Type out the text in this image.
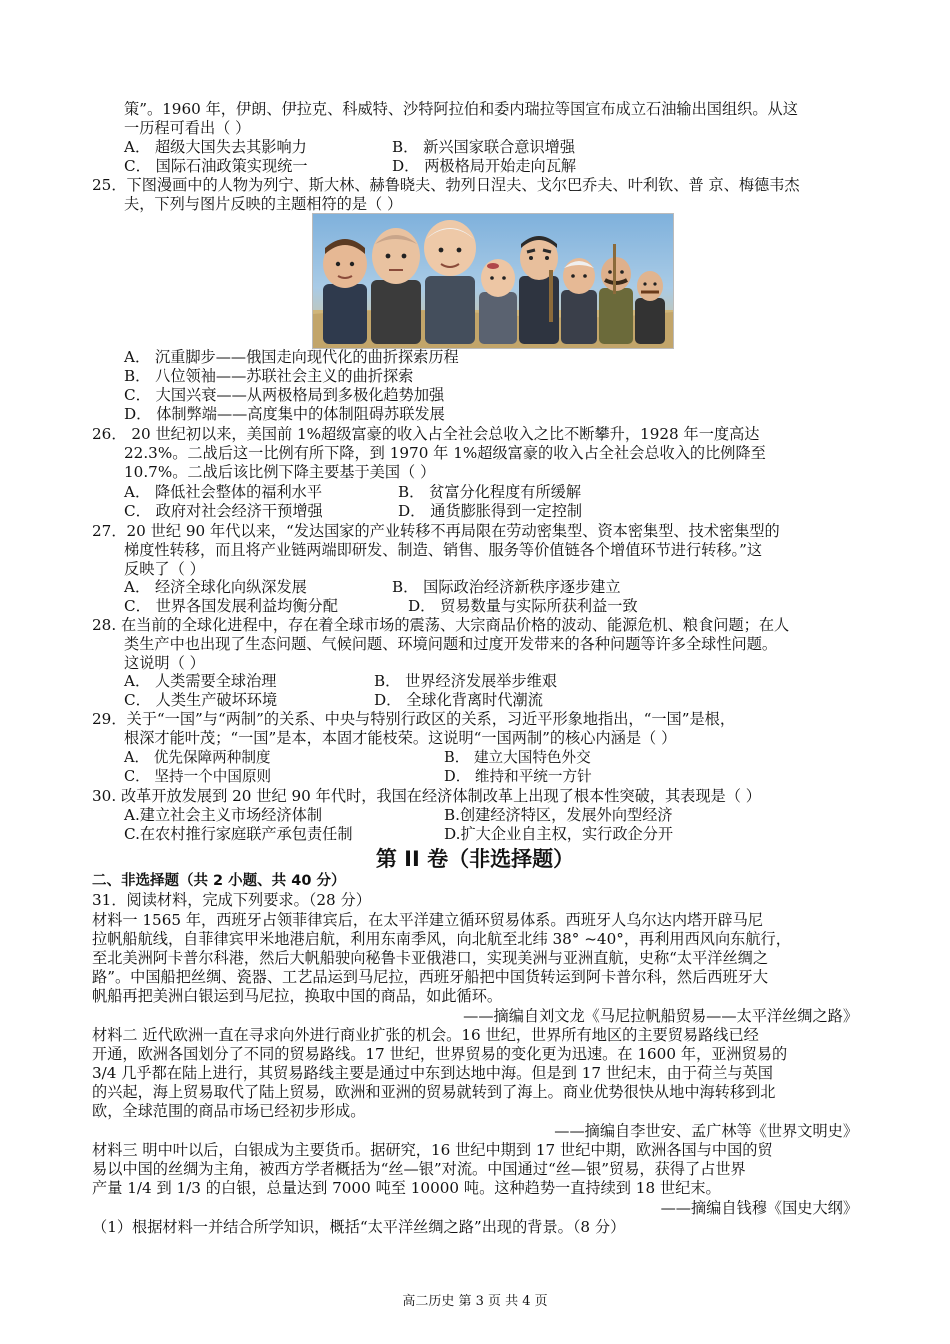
策”。1960 年，伊朗、伊拉克、科威特、沙特阿拉伯和委内瑞拉等国宣布成立石油输出国组织。从这
一历程可看出（ ）
A． 超级大国失去其影响力	B． 新兴国家联合意识增强
C． 国际石油政策实现统一	D． 两极格局开始走向瓦解
25．下图漫画中的人物为列宁、斯大林、赫鲁晓夫、勃列日涅夫、戈尔巴乔夫、叶利钦、普 京、梅德韦杰
夫，下列与图片反映的主题相符的是（ ）
A． 沉重脚步——俄国走向现代化的曲折探索历程
B． 八位领袖——苏联社会主义的曲折探索
C． 大国兴衰——从两极格局到多极化趋势加强
D． 体制弊端——高度集中的体制阻碍苏联发展
26． 20 世纪初以来，美国前 1%超级富豪的收入占全社会总收入之比不断攀升，1928 年一度高达
22.3%。二战后这一比例有所下降，到 1970 年 1%超级富豪的收入占全社会总收入的比例降至
10.7%。二战后该比例下降主要基于美国（ ）
A． 降低社会整体的福利水平	B． 贫富分化程度有所缓解
C． 政府对社会经济干预增强	D． 通货膨胀得到一定控制
27．20 世纪 90 年代以来，“发达国家的产业转移不再局限在劳动密集型、资本密集型、技术密集型的
梯度性转移，而且将产业链两端即研发、制造、销售、服务等价值链各个增值环节进行转移。”这
反映了（ ）
A． 经济全球化向纵深发展	B． 国际政治经济新秩序逐步建立
C． 世界各国发展利益均衡分配	D． 贸易数量与实际所获利益一致
28. 在当前的全球化进程中，存在着全球市场的震荡、大宗商品价格的波动、能源危机、粮食问题；在人
类生产中也出现了生态问题、气候问题、环境问题和过度开发带来的各种问题等许多全球性问题。
这说明（ ）
A． 人类需要全球治理	B． 世界经济发展举步维艰
C． 人类生产破坏环境	D． 全球化背离时代潮流
29．关于“一国”与“两制”的关系、中央与特别行政区的关系，习近平形象地指出，“一国”是根，
根深才能叶茂；“一国”是本，本固才能枝荣。这说明“一国两制”的核心内涵是（ ）
A． 优先保障两种制度	B． 建立大国特色外交
C． 坚持一个中国原则	D． 维持和平统一方针
30. 改革开放发展到 20 世纪 90 年代时，我国在经济体制改革上出现了根本性突破，其表现是（ ）
A.建立社会主义市场经济体制	B.创建经济特区，发展外向型经济
C.在农村推行家庭联产承包责任制	D.扩大企业自主权，实行政企分开
第 II 卷（非选择题）
二、非选择题（共 2 小题、共 40 分）
31．阅读材料，完成下列要求。（28 分）
材料一 1565 年，西班牙占领菲律宾后，在太平洋建立循环贸易体系。西班牙人乌尔达内塔开辟马尼
拉帆船航线，自菲律宾甲米地港启航，利用东南季风，向北航至北纬 38° ~40°，再利用西风向东航行，
至北美洲阿卡普尔科港，然后大帆船驶向秘鲁卡亚俄港口，实现美洲与亚洲直航，史称“太平洋丝绸之
路”。中国船把丝绸、瓷器、工艺品运到马尼拉，西班牙船把中国货转运到阿卡普尔科，然后西班牙大
帆船再把美洲白银运到马尼拉，换取中国的商品，如此循环。
——摘编自刘文龙《马尼拉帆船贸易——太平洋丝绸之路》
材料二 近代欧洲一直在寻求向外进行商业扩张的机会。16 世纪，世界所有地区的主要贸易路线已经
开通，欧洲各国划分了不同的贸易路线。17 世纪，世界贸易的变化更为迅速。在 1600 年，亚洲贸易的
3/4 几乎都在陆上进行，其贸易路线主要是通过中东到达地中海。但是到 17 世纪末，由于荷兰与英国
的兴起，海上贸易取代了陆上贸易，欧洲和亚洲的贸易就转到了海上。商业优势很快从地中海转移到北
欧，全球范围的商品市场已经初步形成。
——摘编自李世安、孟广林等《世界文明史》
材料三 明中叶以后，白银成为主要货币。据研究，16 世纪中期到 17 世纪中期，欧洲各国与中国的贸
易以中国的丝绸为主角，被西方学者概括为“丝—银”对流。中国通过“丝—银”贸易，获得了占世界
产量 1/4 到 1/3 的白银，总量达到 7000 吨至 10000 吨。这种趋势一直持续到 18 世纪末。
——摘编自钱穆《国史大纲》
（1）根据材料一并结合所学知识，概括“太平洋丝绸之路”出现的背景。（8 分）
高二历史 第 3 页 共 4 页
